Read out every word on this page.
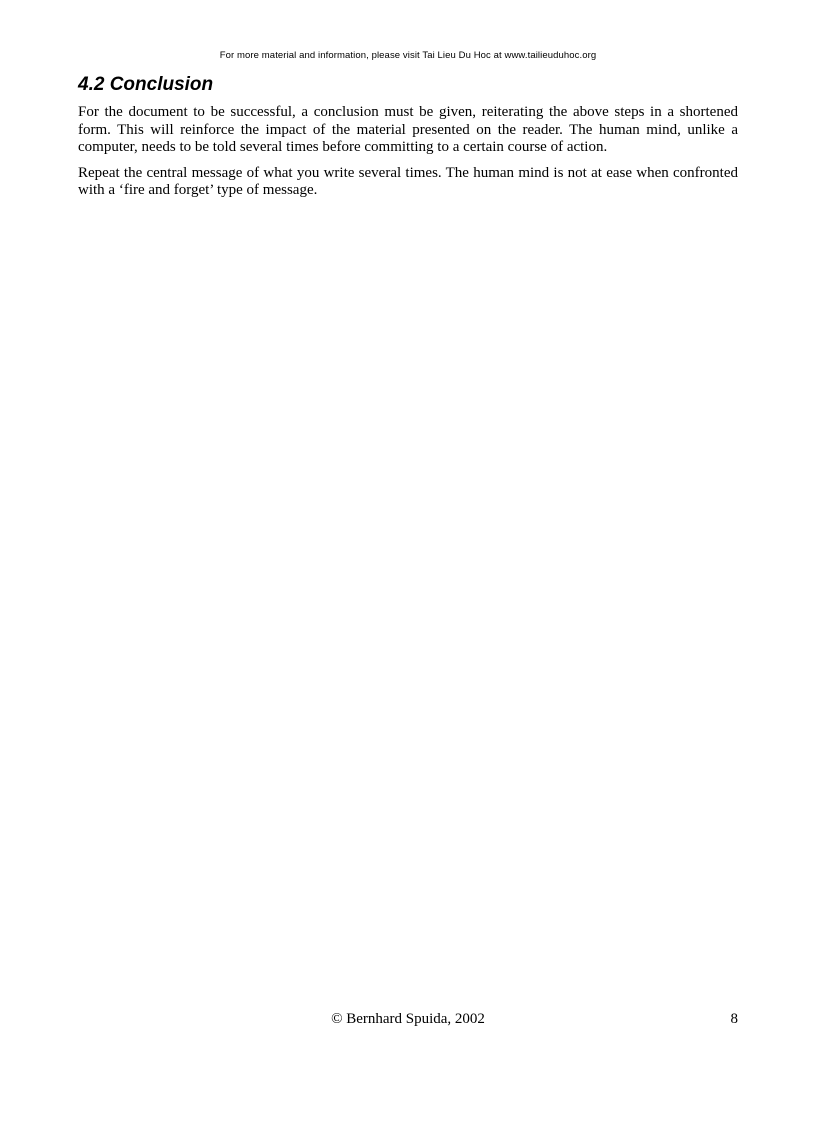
For more material and information, please visit Tai Lieu Du Hoc at www.tailieuduhoc.org
4.2 Conclusion

For the document to be successful, a conclusion must be given, reiterating the above steps in a shortened form. This will reinforce the impact of the material presented on the reader. The human mind, unlike a computer, needs to be told several times before committing to a certain course of action.

Repeat the central message of what you write several times. The human mind is not at ease when confronted with a ‘fire and forget’ type of message.

© Bernhard Spuida, 2002	8
